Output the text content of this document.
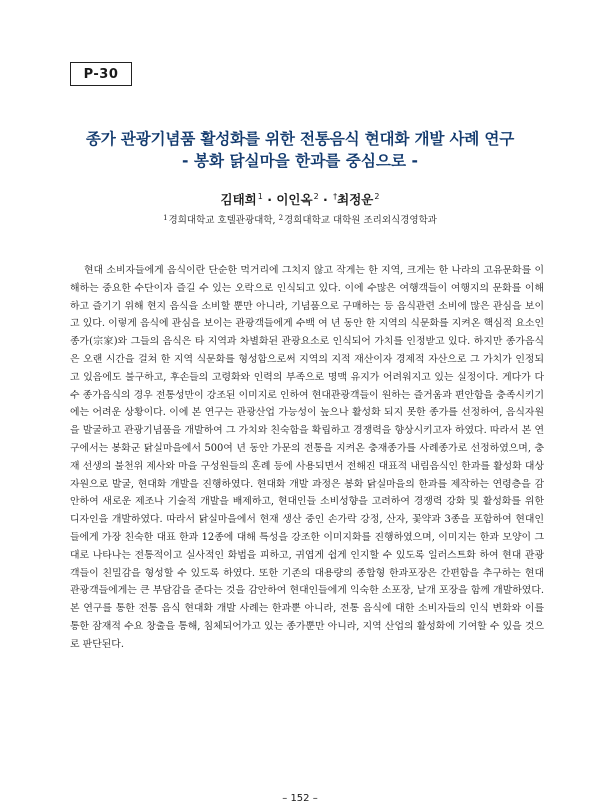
P-30
종가 관광기념품 활성화를 위한 전통음식 현대화 개발 사례 연구
- 봉화 닭실마을 한과를 중심으로 -
김태희$^1$ · 이인옥$^2$ · †최정운$^2$
$^1$경희대학교 호텔관광대학, $^2$경희대학교 대학원 조리외식경영학과

현대 소비자들에게 음식이란 단순한 먹거리에 그치지 않고 작게는 한 지역, 크게는 한 나라의 고유문화를 이해하는 중요한 수단이자 즐길 수 있는 오락으로 인식되고 있다. 이에 수많은 여행객들이 여행지의 문화를 이해하고 즐기기 위해 현지 음식을 소비할 뿐만 아니라, 기념품으로 구매하는 등 음식관련 소비에 많은 관심을 보이고 있다. 이렇게 음식에 관심을 보이는 관광객들에게 수백 여 년 동안 한 지역의 식문화를 지켜온 핵심적 요소인 종가(宗家)와 그들의 음식은 타 지역과 차별화된 관광요소로 인식되어 가치를 인정받고 있다. 하지만 종가음식은 오랜 시간을 걸쳐 한 지역 식문화를 형성함으로써 지역의 지적 재산이자 경제적 자산으로 그 가치가 인정되고 있음에도 불구하고, 후손들의 고령화와 인력의 부족으로 명맥 유지가 어려워지고 있는 실정이다. 게다가 다수 종가음식의 경우 전통성만이 강조된 이미지로 인하여 현대관광객들이 원하는 즐거움과 편안함을 충족시키기에는 어려운 상황이다. 이에 본 연구는 관광산업 가능성이 높으나 활성화 되지 못한 종가를 선정하여, 음식자원을 발굴하고 관광기념품을 개발하여 그 가치와 친숙함을 확립하고 경쟁력을 향상시키고자 하였다. 따라서 본 연구에서는 봉화군 닭실마을에서 500여 년 동안 가문의 전통을 지켜온 충재종가를 사례종가로 선정하였으며, 충재 선생의 불천위 제사와 마을 구성원들의 혼례 등에 사용되면서 전해진 대표적 내림음식인 한과를 활성화 대상 자원으로 발굴, 현대화 개발을 진행하였다. 현대화 개발 과정은 봉화 닭실마을의 한과를 제작하는 연령층을 감안하여 새로운 제조나 기술적 개발을 배제하고, 현대인들 소비성향을 고려하여 경쟁력 강화 및 활성화를 위한 디자인을 개발하였다. 따라서 닭실마을에서 현재 생산 중인 손가락 강정, 산자, 꽃약과 3종을 포함하여 현대인들에게 가장 친숙한 대표 한과 12종에 대해 특성을 강조한 이미지화를 진행하였으며, 이미지는 한과 모양이 그대로 나타나는 전통적이고 실사적인 화법을 피하고, 귀엽게 쉽게 인지할 수 있도록 일러스트화 하여 현대 관광객들이 친밀감을 형성할 수 있도록 하였다. 또한 기존의 대용량의 종합형 한과포장은 간편함을 추구하는 현대 관광객들에게는 큰 부담감을 준다는 것을 감안하여 현대인들에게 익숙한 소포장, 낱개 포장을 함께 개발하였다. 본 연구를 통한 전통 음식 현대화 개발 사례는 한과뿐 아니라, 전통 음식에 대한 소비자들의 인식 변화와 이를 통한 잠재적 수요 창출을 통해, 침체되어가고 있는 종가뿐만 아니라, 지역 산업의 활성화에 기여할 수 있을 것으로 판단된다.

– 152 –
